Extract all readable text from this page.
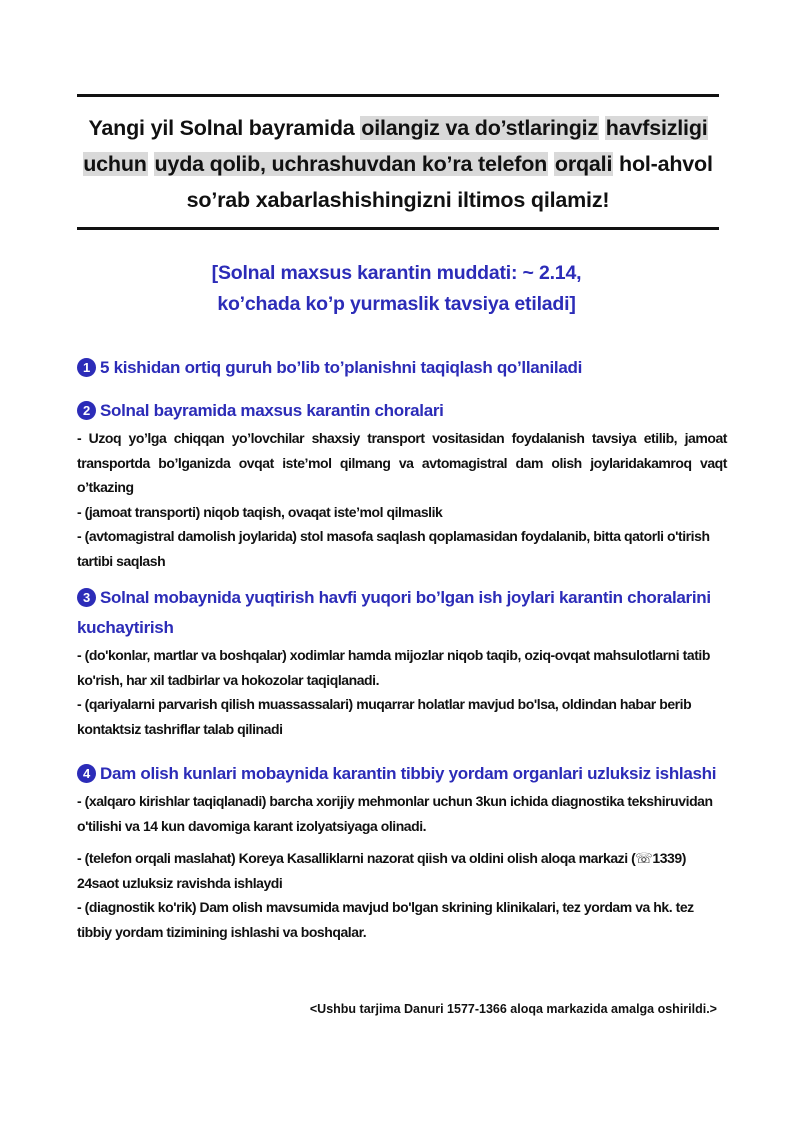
Yangi yil Solnal bayramida oilangiz va do’stlaringiz havfsizligi uchun uyda qolib, uchrashuvdan ko’ra telefon orqali hol-ahvol so’rab xabarlashishingizni iltimos qilamiz!

[Solnal maxsus karantin muddati: ~ 2.14,
ko’chada ko’p yurmaslik tavsiya etiladi]

1 5 kishidan ortiq guruh bo’lib to’planishni taqiqlash qo’llaniladi

2 Solnal bayramida maxsus karantin choralari

- Uzoq yo’lga chiqqan yo’lovchilar shaxsiy transport vositasidan foydalanish tavsiya etilib, jamoat transportda bo’lganizda ovqat iste’mol qilmang va avtomagistral dam olish joylaridakamroq vaqt o’tkazing

- (jamoat transporti) niqob taqish, ovaqat iste’mol qilmaslik

- (avtomagistral damolish joylarida) stol masofa saqlash qoplamasidan foydalanib, bitta qatorli o'tirish tartibi saqlash

3 Solnal mobaynida yuqtirish havfi yuqori bo’lgan ish joylari karantin choralarini kuchaytirish

- (do'konlar, martlar va boshqalar) xodimlar hamda mijozlar niqob taqib, oziq-ovqat mahsulotlarni tatib ko'rish, har xil tadbirlar va hokozolar taqiqlanadi.

- (qariyalarni parvarish qilish muassassalari) muqarrar holatlar mavjud bo'lsa, oldindan habar berib kontaktsiz tashriflar talab qilinadi

4 Dam olish kunlari mobaynida karantin tibbiy yordam organlari uzluksiz ishlashi

- (xalqaro kirishlar taqiqlanadi) barcha xorijiy mehmonlar uchun 3kun ichida diagnostika tekshiruvidan o'tilishi va 14 kun davomiga karant izolyatsiyaga olinadi.

- (telefon orqali maslahat) Koreya Kasalliklarni nazorat qiish va oldini olish aloqa markazi (☏1339) 24saot uzluksiz ravishda ishlaydi

- (diagnostik ko'rik) Dam olish mavsumida mavjud bo'lgan skrining klinikalari, tez yordam va hk. tez tibbiy yordam tizimining ishlashi va boshqalar.

<Ushbu tarjima Danuri 1577-1366 aloqa markazida amalga oshirildi.>
